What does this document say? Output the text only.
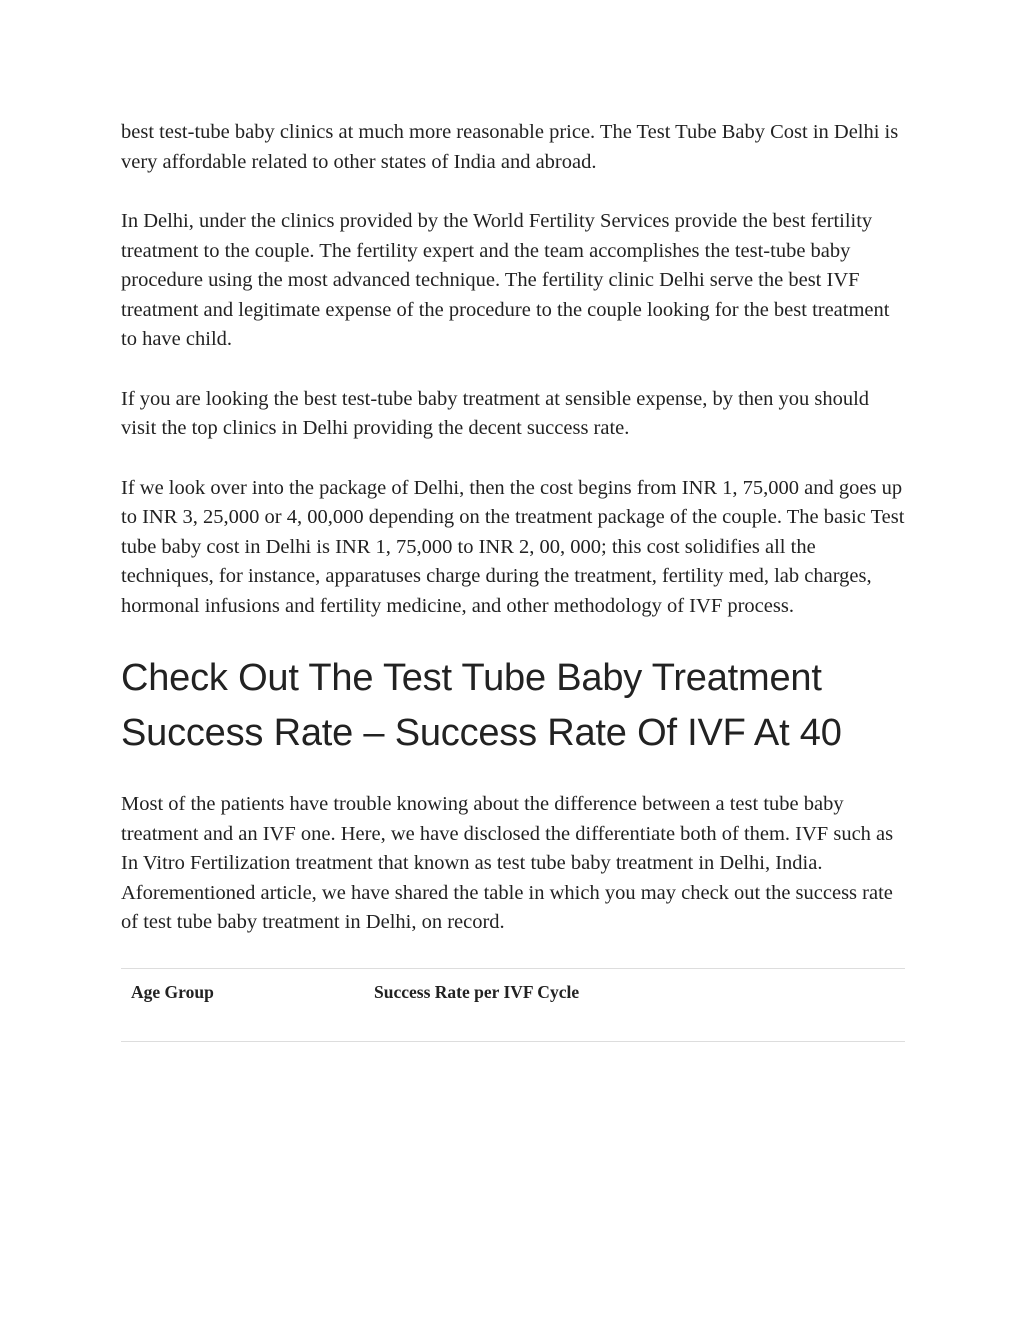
best test-tube baby clinics at much more reasonable price. The Test Tube Baby Cost in Delhi is very affordable related to other states of India and abroad.

In Delhi, under the clinics provided by the World Fertility Services provide the best fertility treatment to the couple. The fertility expert and the team accomplishes the test-tube baby procedure using the most advanced technique. The fertility clinic Delhi serve the best IVF treatment and legitimate expense of the procedure to the couple looking for the best treatment to have child.

If you are looking the best test-tube baby treatment at sensible expense, by then you should visit the top clinics in Delhi providing the decent success rate.

If we look over into the package of Delhi, then the cost begins from INR 1, 75,000 and goes up to INR 3, 25,000 or 4, 00,000 depending on the treatment package of the couple. The basic Test tube baby cost in Delhi is INR 1, 75,000 to INR 2, 00, 000; this cost solidifies all the techniques, for instance, apparatuses charge during the treatment, fertility med, lab charges, hormonal infusions and fertility medicine, and other methodology of IVF process.

Check Out The Test Tube Baby Treatment Success Rate – Success Rate Of IVF At 40

Most of the patients have trouble knowing about the difference between a test tube baby treatment and an IVF one. Here, we have disclosed the differentiate both of them. IVF such as In Vitro Fertilization treatment that known as test tube baby treatment in Delhi, India. Aforementioned article, we have shared the table in which you may check out the success rate of test tube baby treatment in Delhi, on record.

Age Group	Success Rate per IVF Cycle
